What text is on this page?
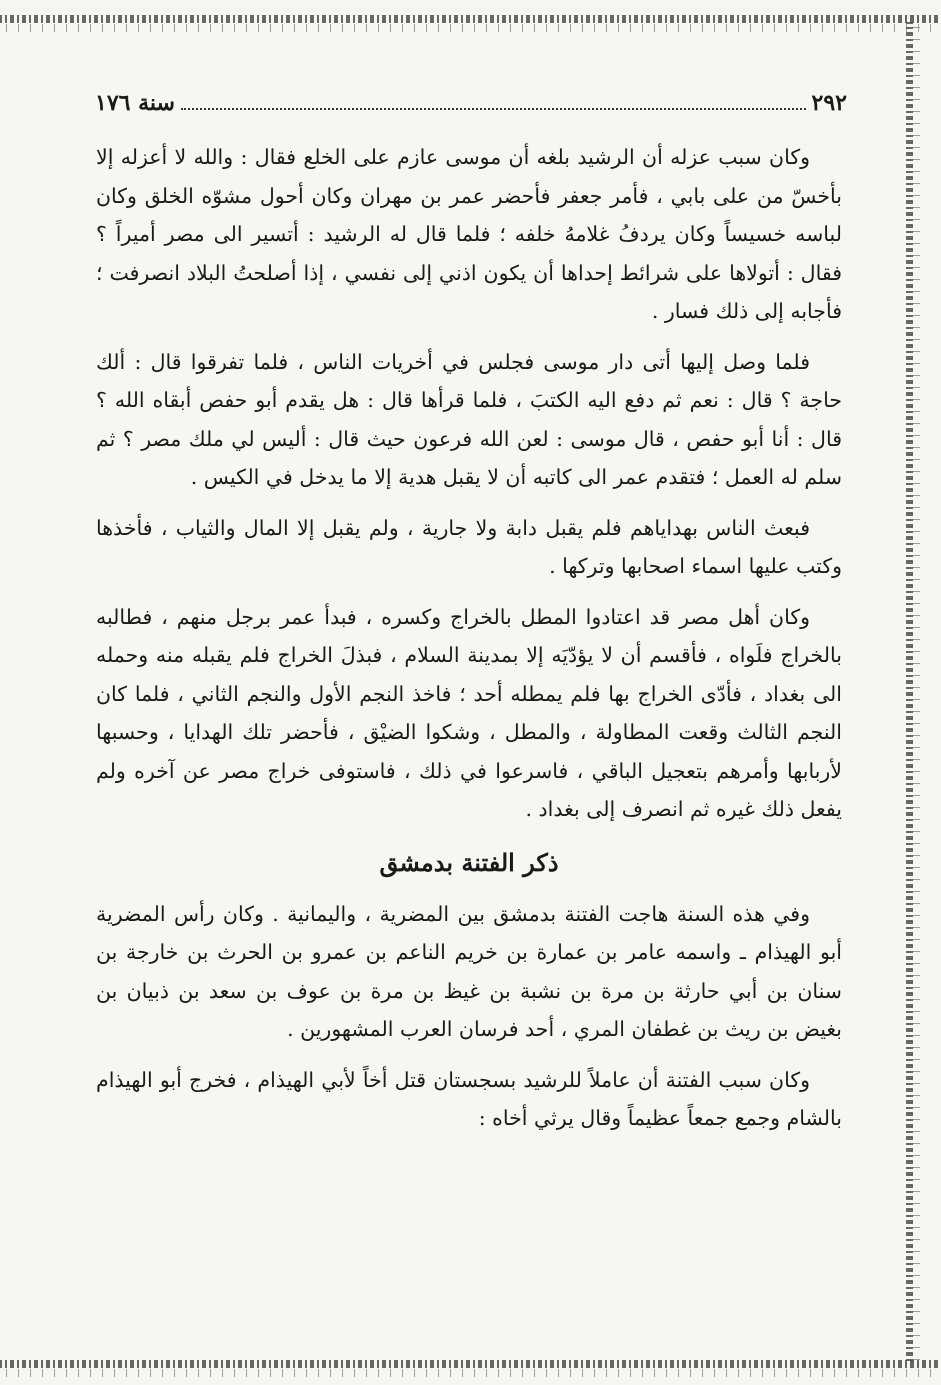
٢٩٢
سنة ١٧٦

وكان سبب عزله أن الرشيد بلغه أن موسى عازم على الخلع فقال : والله لا أعزله إلا بأخسّ من على بابي ، فأمر جعفر فأحضر عمر بن مهران وكان أحول مشوّه الخلق وكان لباسه خسيساً وكان يردفُ غلامهُ خلفه ؛ فلما قال له الرشيد : أتسير الى مصر أميراً ؟ فقال : أتولاها على شرائط إحداها أن يكون اذني إلى نفسي ، إذا أصلحتُ البلاد انصرفت ؛ فأجابه إلى ذلك فسار .

فلما وصل إليها أتى دار موسى فجلس في أخريات الناس ، فلما تفرقوا قال : ألك حاجة ؟ قال : نعم ثم دفع اليه الكتبَ ، فلما قرأها قال : هل يقدم أبو حفص أبقاه الله ؟ قال : أنا أبو حفص ، قال موسى : لعن الله فرعون حيث قال : أليس لي ملك مصر ؟ ثم سلم له العمل ؛ فتقدم عمر الى كاتبه أن لا يقبل هدية إلا ما يدخل في الكيس .

فبعث الناس بهداياهم فلم يقبل دابة ولا جارية ، ولم يقبل إلا المال والثياب ، فأخذها وكتب عليها اسماء اصحابها وتركها .

وكان أهل مصر قد اعتادوا المطل بالخراج وكسره ، فبدأ عمر برجل منهم ، فطالبه بالخراج فلَواه ، فأقسم أن لا يؤدّيَه إلا بمدينة السلام ، فبذلَ الخراج فلم يقبله منه وحمله الى بغداد ، فأدّى الخراج بها فلم يمطله أحد ؛ فاخذ النجم الأول والنجم الثاني ، فلما كان النجم الثالث وقعت المطاولة ، والمطل ، وشكوا الضيْق ، فأحضر تلك الهدايا ، وحسبها لأربابها وأمرهم بتعجيل الباقي ، فاسرعوا في ذلك ، فاستوفى خراج مصر عن آخره ولم يفعل ذلك غيره ثم انصرف إلى بغداد .

ذكر الفتنة بدمشق

وفي هذه السنة هاجت الفتنة بدمشق بين المضرية ، واليمانية . وكان رأس المضرية أبو الهيذام ـ واسمه عامر بن عمارة بن خريم الناعم بن عمرو بن الحرث بن خارجة بن سنان بن أبي حارثة بن مرة بن نشبة بن غيظ بن مرة بن عوف بن سعد بن ذبيان بن بغيض بن ريث بن غطفان المري ، أحد فرسان العرب المشهورين .

وكان سبب الفتنة أن عاملاً للرشيد بسجستان قتل أخاً لأبي الهيذام ، فخرج أبو الهيذام بالشام وجمع جمعاً عظيماً وقال يرثي أخاه :
